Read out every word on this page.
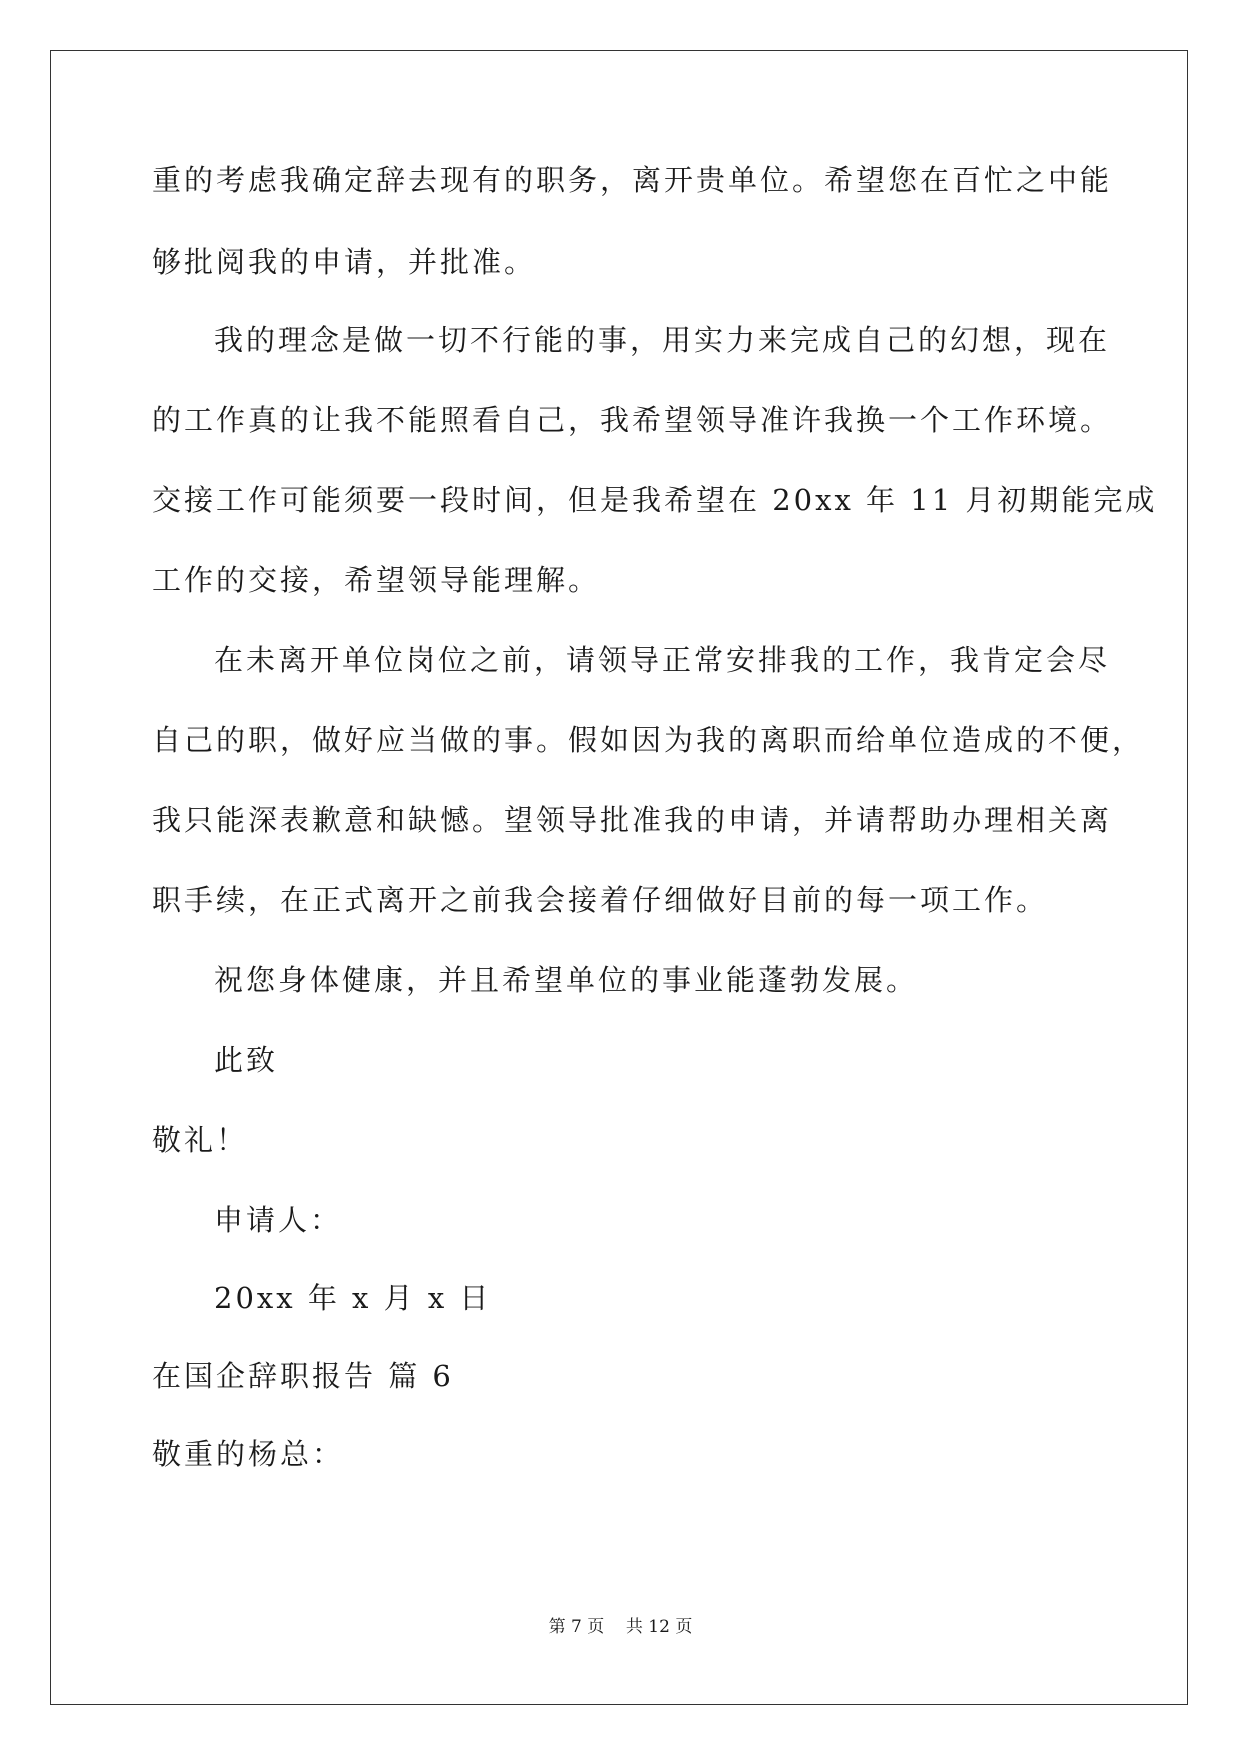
重的考虑我确定辞去现有的职务，离开贵单位。希望您在百忙之中能
够批阅我的申请，并批准。
我的理念是做一切不行能的事，用实力来完成自己的幻想，现在
的工作真的让我不能照看自己，我希望领导准许我换一个工作环境。
交接工作可能须要一段时间，但是我希望在 20xx 年 11 月初期能完成
工作的交接，希望领导能理解。
在未离开单位岗位之前，请领导正常安排我的工作，我肯定会尽
自己的职，做好应当做的事。假如因为我的离职而给单位造成的不便，
我只能深表歉意和缺憾。望领导批准我的申请，并请帮助办理相关离
职手续，在正式离开之前我会接着仔细做好目前的每一项工作。
祝您身体健康，并且希望单位的事业能蓬勃发展。
此致
敬礼！
申请人：
20xx 年 x 月 x 日
在国企辞职报告 篇 6
敬重的杨总：
第 7 页 共 12 页
